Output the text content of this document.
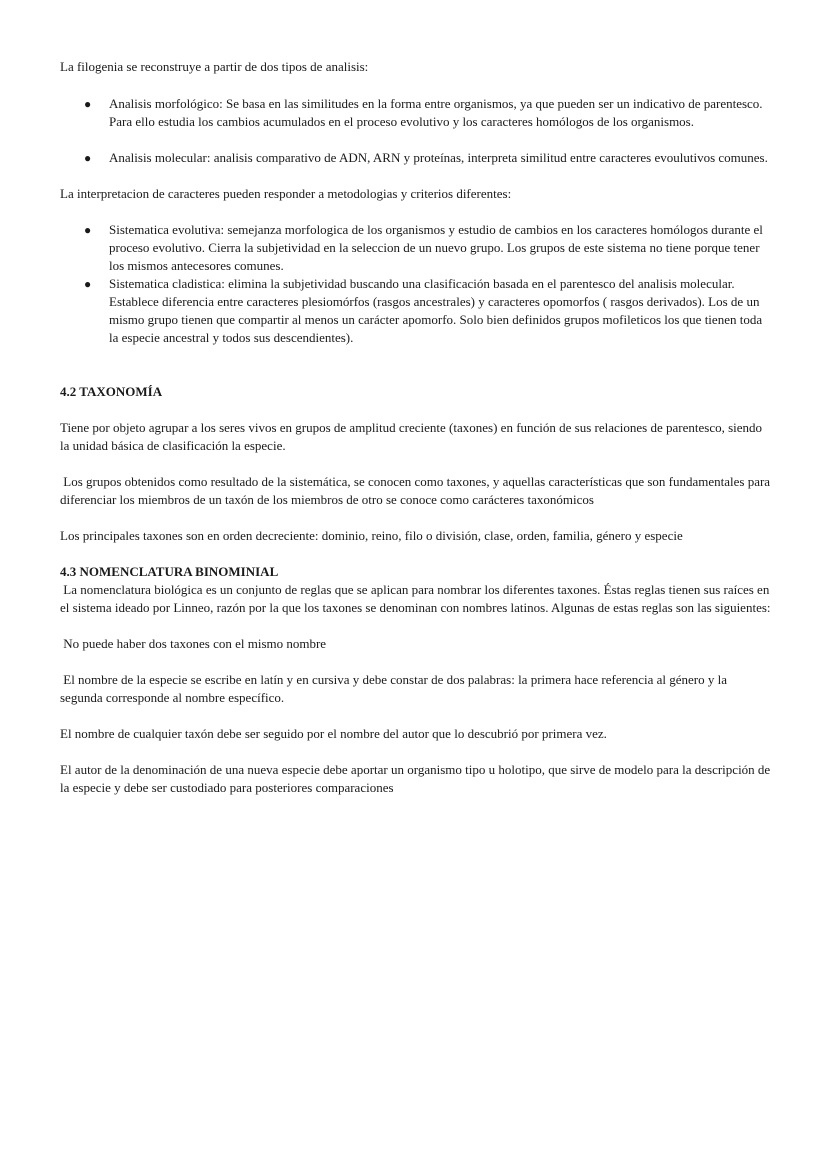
La filogenia se reconstruye a partir de dos tipos de analisis:

● Analisis morfológico: Se basa en las similitudes en la forma entre organismos, ya que pueden ser un indicativo de parentesco. Para ello estudia los cambios acumulados en el proceso evolutivo y los caracteres homólogos de los organismos.
● Analisis molecular: analisis comparativo de ADN, ARN y proteínas, interpreta similitud entre caracteres evoulutivos comunes.

La interpretacion de caracteres pueden responder a metodologias y criterios diferentes:

● Sistematica evolutiva: semejanza morfologica de los organismos y estudio de cambios en los caracteres homólogos durante el proceso evolutivo. Cierra la subjetividad en la seleccion de un nuevo grupo. Los grupos de este sistema no tiene porque tener los mismos antecesores comunes.
● Sistematica cladistica: elimina la subjetividad buscando una clasificación basada en el parentesco del analisis molecular. Establece diferencia entre caracteres plesiomórfos (rasgos ancestrales) y caracteres opomorfos ( rasgos derivados). Los de un mismo grupo tienen que compartir al menos un carácter apomorfo. Solo bien definidos grupos mofileticos los que tienen toda la especie ancestral y todos sus descendientes).
4.2 TAXONOMÍA

Tiene por objeto agrupar a los seres vivos en grupos de amplitud creciente (taxones) en función de sus relaciones de parentesco, siendo la unidad básica de clasificación la especie.

Los grupos obtenidos como resultado de la sistemática, se conocen como taxones, y aquellas características que son fundamentales para diferenciar los miembros de un taxón de los miembros de otro se conoce como carácteres taxonómicos

Los principales taxones son en orden decreciente: dominio, reino, filo o división, clase, orden, familia, género y especie

4.3 NOMENCLATURA BINOMINIAL

La nomenclatura biológica es un conjunto de reglas que se aplican para nombrar los diferentes taxones. Éstas reglas tienen sus raíces en el sistema ideado por Linneo, razón por la que los taxones se denominan con nombres latinos. Algunas de estas reglas son las siguientes:

No puede haber dos taxones con el mismo nombre

El nombre de la especie se escribe en latín y en cursiva y debe constar de dos palabras: la primera hace referencia al género y la segunda corresponde al nombre específico.

El nombre de cualquier taxón debe ser seguido por el nombre del autor que lo descubrió por primera vez.

El autor de la denominación de una nueva especie debe aportar un organismo tipo u holotipo, que sirve de modelo para la descripción de la especie y debe ser custodiado para posteriores comparaciones
